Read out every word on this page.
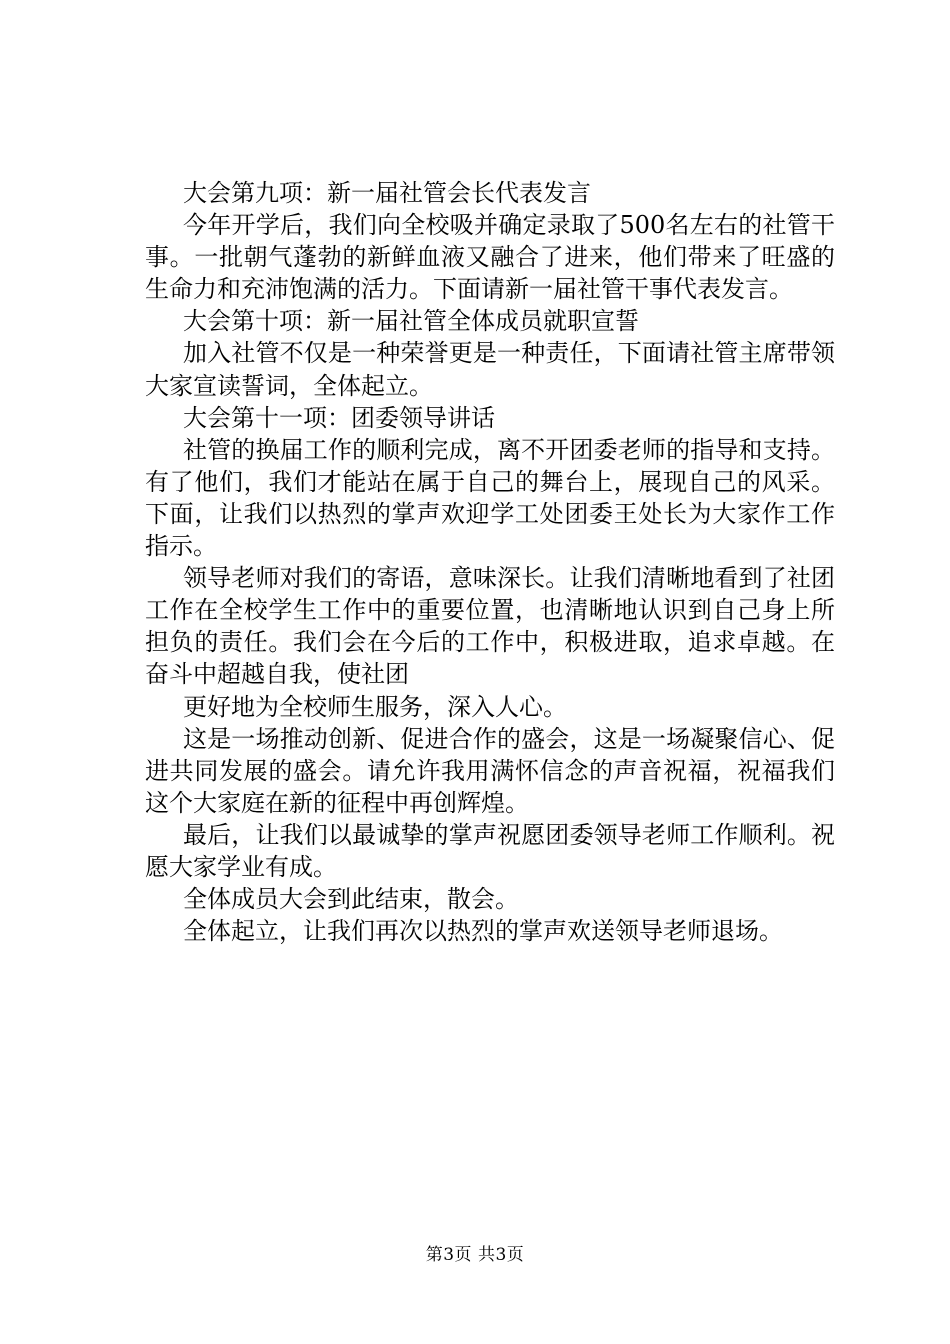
大会第九项：新一届社管会长代表发言

今年开学后，我们向全校吸并确定录取了500名左右的社管干事。一批朝气蓬勃的新鲜血液又融合了进来，他们带来了旺盛的生命力和充沛饱满的活力。下面请新一届社管干事代表发言。

大会第十项：新一届社管全体成员就职宣誓

加入社管不仅是一种荣誉更是一种责任，下面请社管主席带领大家宣读誓词，全体起立。

大会第十一项：团委领导讲话

社管的换届工作的顺利完成，离不开团委老师的指导和支持。有了他们，我们才能站在属于自己的舞台上，展现自己的风采。下面，让我们以热烈的掌声欢迎学工处团委王处长为大家作工作指示。

领导老师对我们的寄语，意味深长。让我们清晰地看到了社团工作在全校学生工作中的重要位置，也清晰地认识到自己身上所担负的责任。我们会在今后的工作中，积极进取，追求卓越。在奋斗中超越自我，使社团

更好地为全校师生服务，深入人心。

这是一场推动创新、促进合作的盛会，这是一场凝聚信心、促进共同发展的盛会。请允许我用满怀信念的声音祝福，祝福我们这个大家庭在新的征程中再创辉煌。

最后，让我们以最诚挚的掌声祝愿团委领导老师工作顺利。祝愿大家学业有成。

全体成员大会到此结束，散会。

全体起立，让我们再次以热烈的掌声欢送领导老师退场。

第3页 共3页
